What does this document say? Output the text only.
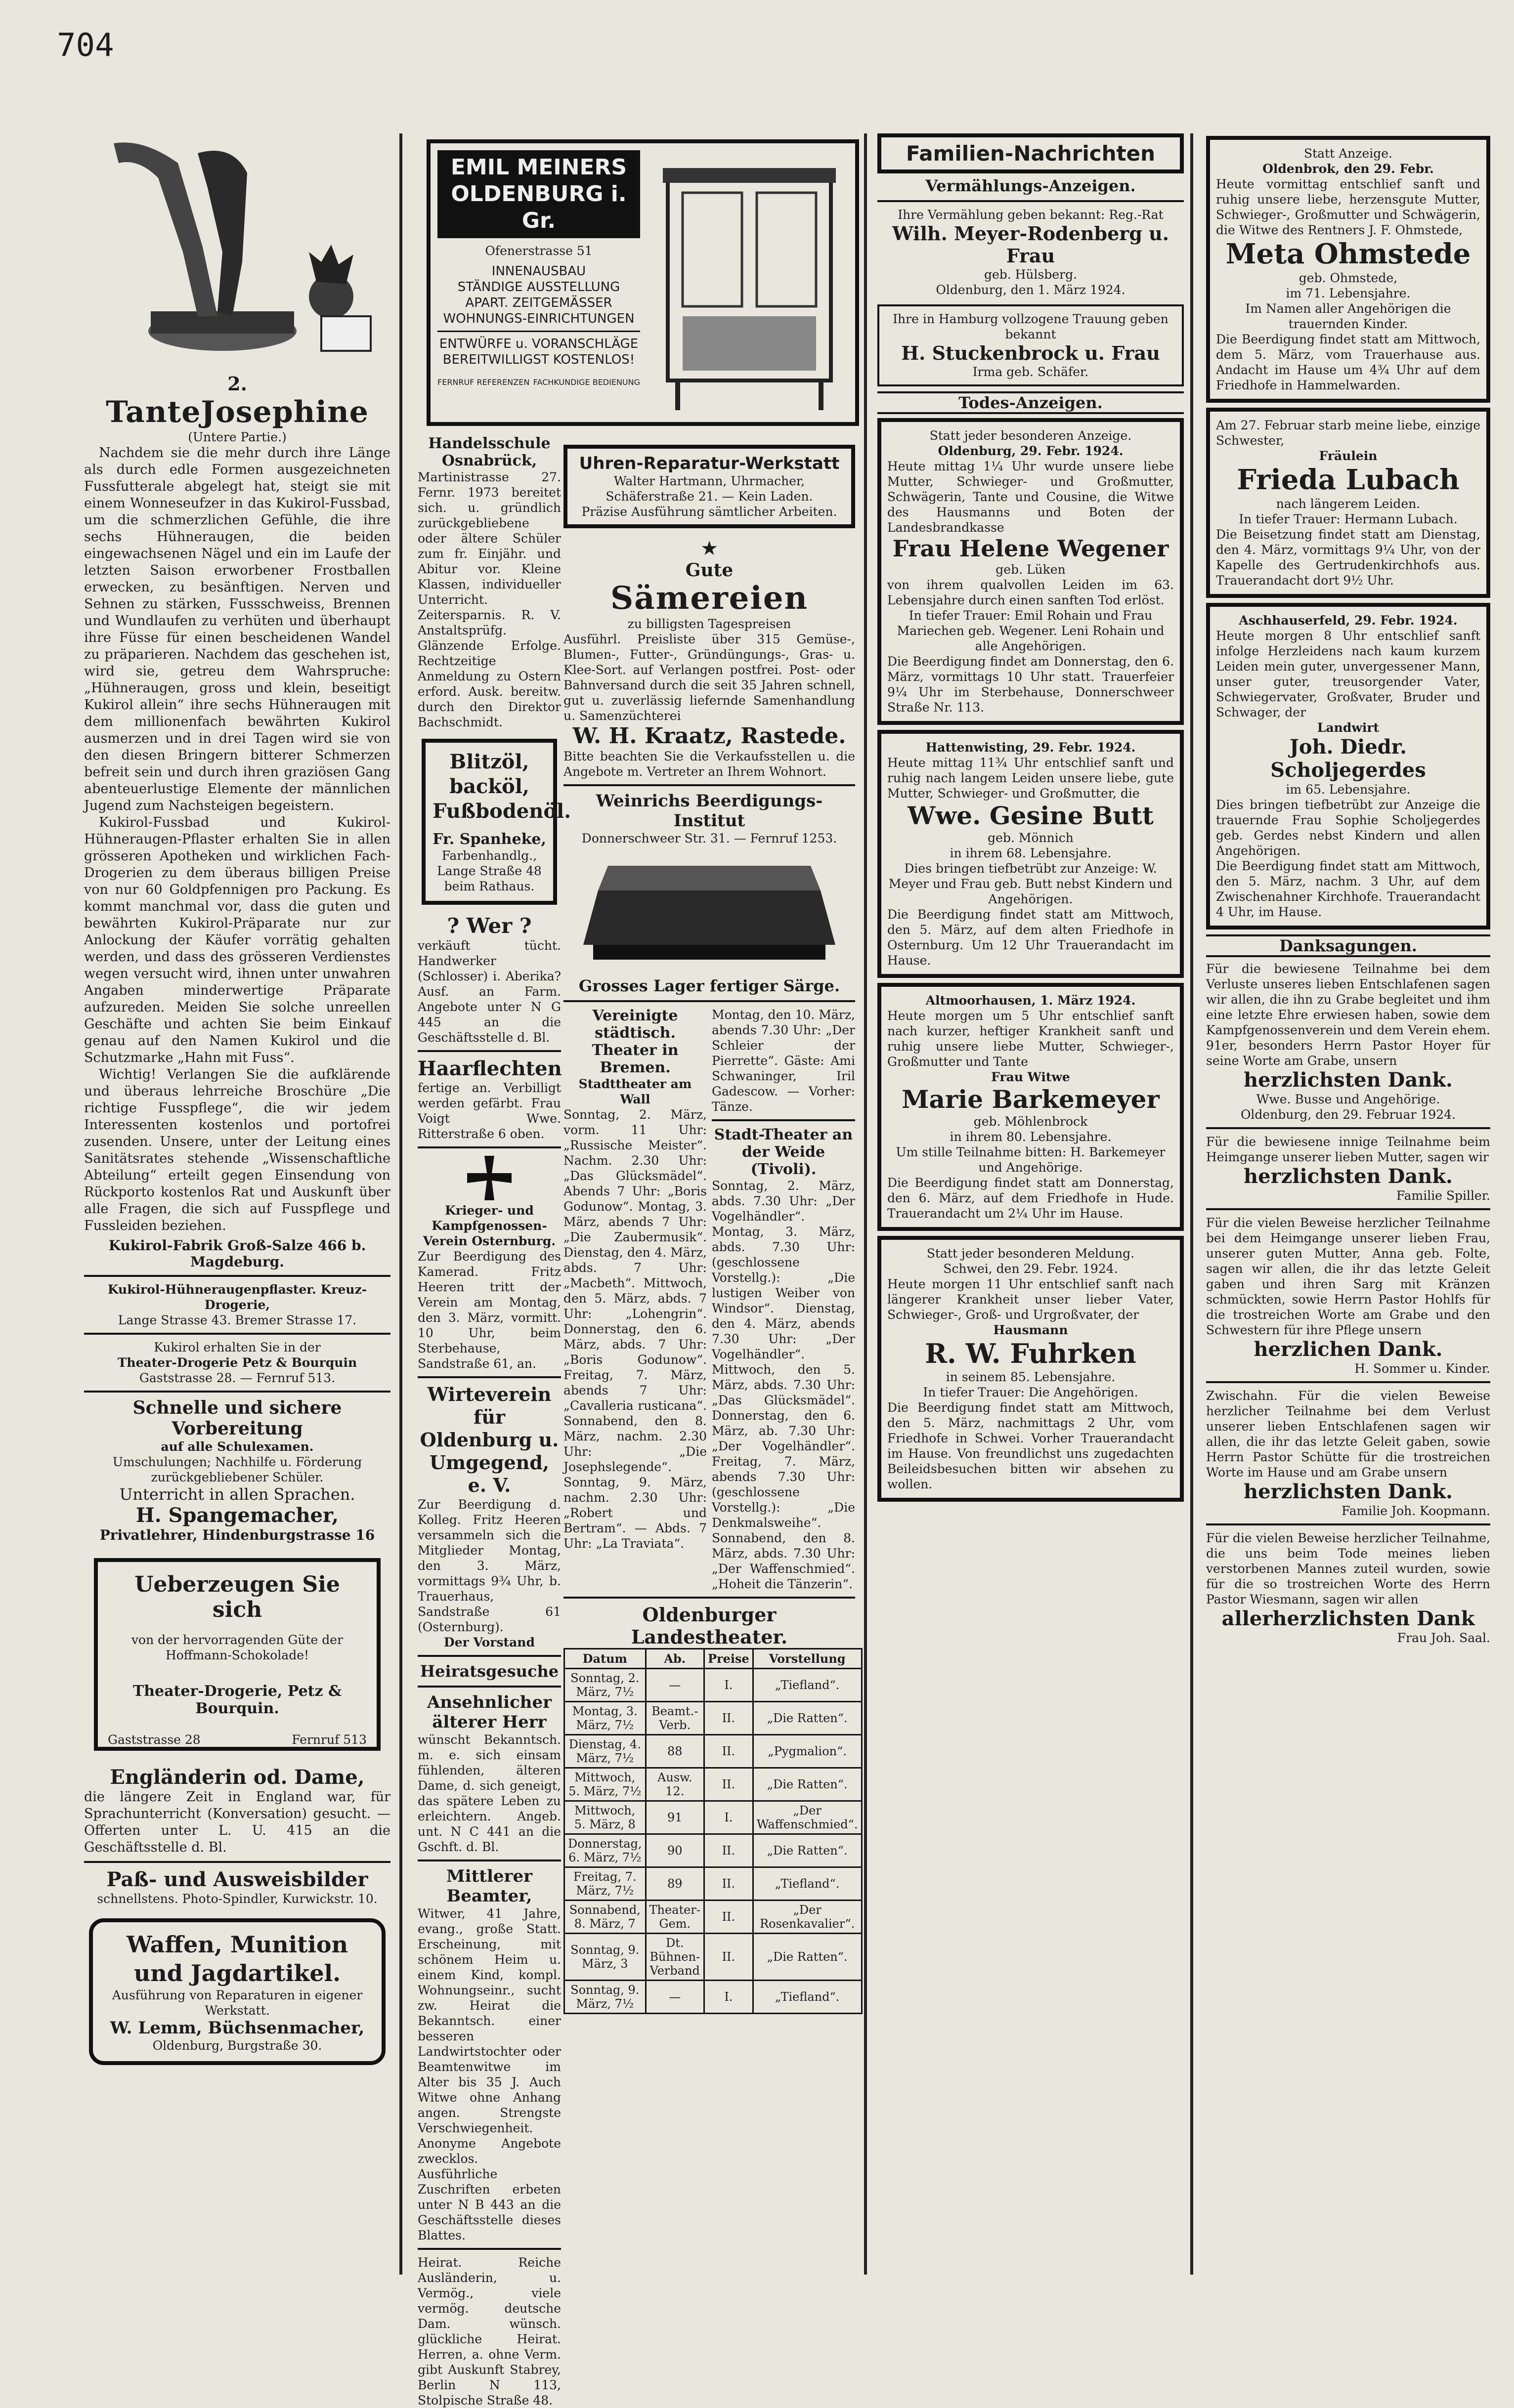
704
2.
TanteJosephine
(Untere Partie.)
Nachdem sie die mehr durch ihre Länge als durch edle Formen ausgezeichneten Fussfutterale abgelegt hat, steigt sie mit einem Wonneseufzer in das Kukirol-Fussbad, um die schmerzlichen Gefühle, die ihre sechs Hühneraugen, die beiden eingewachsenen Nägel und ein im Laufe der letzten Saison erworbener Frostballen erwecken, zu besänftigen. Nerven und Sehnen zu stärken, Fussschweiss, Brennen und Wundlaufen zu verhüten und überhaupt ihre Füsse für einen bescheidenen Wandel zu präparieren. Nachdem das geschehen ist, wird sie, getreu dem Wahrspruche: „Hühneraugen, gross und klein, beseitigt Kukirol allein“ ihre sechs Hühneraugen mit dem millionenfach bewährten Kukirol ausmerzen und in drei Tagen wird sie von den diesen Bringern bitterer Schmerzen befreit sein und durch ihren graziösen Gang abenteuerlustige Elemente der männlichen Jugend zum Nachsteigen begeistern.
Kukirol-Fussbad und Kukirol-Hühneraugen-Pflaster erhalten Sie in allen grösseren Apotheken und wirklichen Fach-Drogerien zu dem überaus billigen Preise von nur 60 Goldpfennigen pro Packung. Es kommt manchmal vor, dass die guten und bewährten Kukirol-Präparate nur zur Anlockung der Käufer vorrätig gehalten werden, und dass des grösseren Verdienstes wegen versucht wird, ihnen unter unwahren Angaben minderwertige Präparate aufzureden. Meiden Sie solche unreellen Geschäfte und achten Sie beim Einkauf genau auf den Namen Kukirol und die Schutzmarke „Hahn mit Fuss“.
Wichtig! Verlangen Sie die aufklärende und überaus lehrreiche Broschüre „Die richtige Fusspflege“, die wir jedem Interessenten kostenlos und portofrei zusenden. Unsere, unter der Leitung eines Sanitätsrates stehende „Wissenschaftliche Abteilung“ erteilt gegen Einsendung von Rückporto kostenlos Rat und Auskunft über alle Fragen, die sich auf Fusspflege und Fussleiden beziehen.
Kukirol-Fabrik Groß-Salze 466 b. Magdeburg.
Kukirol-Hühneraugenpflaster. Kreuz-Drogerie,
Lange Strasse 43. Bremer Strasse 17.
Kukirol erhalten Sie in der
Theater-Drogerie Petz & Bourquin
Gaststrasse 28. — Fernruf 513.
Schnelle und sichere Vorbereitung
auf alle Schulexamen.
Umschulungen; Nachhilfe u. Förderung zurückgebliebener Schüler.
Unterricht in allen Sprachen.
H. Spangemacher,
Privatlehrer, Hindenburgstrasse 16
Ueberzeugen Sie sich
von der hervorragenden Güte der Hoffmann-Schokolade!
Theater-Drogerie, Petz & Bourquin.
Gaststrasse 28	Fernruf 513
Engländerin od. Dame,
die längere Zeit in England war, für Sprachunterricht (Konversation) gesucht. — Offerten unter L. U. 415 an die Geschäftsstelle d. Bl.
Paß- und Ausweisbilder
schnellstens. Photo-Spindler, Kurwickstr. 10.
Waffen, Munition und Jagdartikel.
Ausführung von Reparaturen in eigener Werkstatt.
W. Lemm, Büchsenmacher,
Oldenburg, Burgstraße 30.
EMIL MEINERS OLDENBURG i. Gr.
Ofenerstrasse 51
INNENAUSBAU
STÄNDIGE AUSSTELLUNG
APART. ZEITGEMÄSSER
WOHNUNGS-EINRICHTUNGEN
ENTWÜRFE u. VORANSCHLÄGE
BEREITWILLIGST KOSTENLOS!
FERNRUF REFERENZEN FACHKUNDIGE BEDIENUNG
Handelsschule Osnabrück,
Martinistrasse 27. Fernr. 1973 bereitet sich. u. gründlich zurückgebliebene oder ältere Schüler zum fr. Einjähr. und Abitur vor. Kleine Klassen, individueller Unterricht. Zeitersparnis. R. V. Anstaltsprüfg. Glänzende Erfolge. Rechtzeitige Anmeldung zu Ostern erford. Ausk. bereitw. durch den Direktor Bachschmidt.
Blitzöl,
backöl,
Fußbodenöl.
Fr. Spanheke,
Farbenhandlg., Lange Straße 48 beim Rathaus.
? Wer ?
verkäuft tücht. Handwerker (Schlosser) i. Aberika? Ausf. an Farm. Angebote unter N G 445 an die Geschäftsstelle d. Bl.
Haarflechten
fertige an. Verbilligt werden gefärbt. Frau Voigt Wwe. Ritterstraße 6 oben.
Krieger- und Kampfgenossen-Verein Osternburg.
Zur Beerdigung des Kamerad. Fritz Heeren tritt der Verein am Montag, den 3. März, vormitt. 10 Uhr, beim Sterbehause, Sandstraße 61, an.
Wirteverein für Oldenburg u. Umgegend, e. V.
Zur Beerdigung d. Kolleg. Fritz Heeren versammeln sich die Mitglieder Montag, den 3. März, vormittags 9¾ Uhr, b. Trauerhaus, Sandstraße 61 (Osternburg).
Der Vorstand
Heiratsgesuche
Ansehnlicher älterer Herr
wünscht Bekanntsch. m. e. sich einsam fühlenden, älteren Dame, d. sich geneigt, das spätere Leben zu erleichtern. Angeb. unt. N C 441 an die Gschft. d. Bl.
Mittlerer Beamter,
Witwer, 41 Jahre, evang., große Statt. Erscheinung, mit schönem Heim u. einem Kind, kompl. Wohnungseinr., sucht zw. Heirat die Bekanntsch. einer besseren Landwirtstochter oder Beamtenwitwe im Alter bis 35 J. Auch Witwe ohne Anhang angen. Strengste Verschwiegenheit. Anonyme Angebote zwecklos. Ausführliche Zuschriften erbeten unter N B 443 an die Geschäftsstelle dieses Blattes.
Heirat. Reiche Ausländerin, u. Vermög., viele vermög. deutsche Dam. wünsch. glückliche Heirat. Herren, a. ohne Verm. gibt Auskunft Stabrey, Berlin N 113, Stolpische Straße 48.
Uhren-Reparatur-Werkstatt
Walter Hartmann, Uhrmacher,
Schäferstraße 21. — Kein Laden.
Präzise Ausführung sämtlicher Arbeiten.
★
Gute
Sämereien
zu billigsten Tagespreisen
Ausführl. Preisliste über 315 Gemüse-, Blumen-, Futter-, Gründüngungs-, Gras- u. Klee-Sort. auf Verlangen postfrei. Post- oder Bahnversand durch die seit 35 Jahren schnell, gut u. zuverlässig liefernde Samenhandlung u. Samenzüchterei
W. H. Kraatz, Rastede.
Bitte beachten Sie die Verkaufsstellen u. die Angebote m. Vertreter an Ihrem Wohnort.
Weinrichs Beerdigungs-Institut
Donnerschweer Str. 31. — Fernruf 1253.
Grosses Lager fertiger Särge.
Vereinigte städtisch. Theater in Bremen.
Stadttheater am Wall
Sonntag, 2. März, vorm. 11 Uhr: „Russische Meister“. Nachm. 2.30 Uhr: „Das Glücksmädel“. Abends 7 Uhr: „Boris Godunow“. Montag, 3. März, abends 7 Uhr: „Die Zaubermusik“. Dienstag, den 4. März, abds. 7 Uhr: „Macbeth“. Mittwoch, den 5. März, abds. 7 Uhr: „Lohengrin“. Donnerstag, den 6. März, abds. 7 Uhr: „Boris Godunow“. Freitag, 7. März, abends 7 Uhr: „Cavalleria rusticana“. Sonnabend, den 8. März, nachm. 2.30 Uhr: „Die Josephslegende“. Sonntag, 9. März, nachm. 2.30 Uhr: „Robert und Bertram“. — Abds. 7 Uhr: „La Traviata“.
Montag, den 10. März, abends 7.30 Uhr: „Der Schleier der Pierrette“. Gäste: Ami Schwaninger, Iril Gadescow. — Vorher: Tänze.
Stadt-Theater an der Weide (Tivoli).
Sonntag, 2. März, abds. 7.30 Uhr: „Der Vogelhändler“. Montag, 3. März, abds. 7.30 Uhr: (geschlossene Vorstellg.): „Die lustigen Weiber von Windsor“. Dienstag, den 4. März, abends 7.30 Uhr: „Der Vogelhändler“. Mittwoch, den 5. März, abds. 7.30 Uhr: „Das Glücksmädel“. Donnerstag, den 6. März, ab. 7.30 Uhr: „Der Vogelhändler“. Freitag, 7. März, abends 7.30 Uhr: (geschlossene Vorstellg.): „Die Denkmalsweihe“. Sonnabend, den 8. März, abds. 7.30 Uhr: „Der Waffenschmied“. „Hoheit die Tänzerin“.
Oldenburger Landestheater.
Datum	Ab.	Preise	Vorstellung
Sonntag, 2. März, 7½	—	I.	„Tiefland“.
Montag, 3. März, 7½	Beamt.-Verb.	II.	„Die Ratten“.
Dienstag, 4. März, 7½	88	II.	„Pygmalion“.
Mittwoch, 5. März, 7½	Ausw. 12.	II.	„Die Ratten“.
Mittwoch, 5. März, 8	91	I.	„Der Waffenschmied“.
Donnerstag, 6. März, 7½	90	II.	„Die Ratten“.
Freitag, 7. März, 7½	89	II.	„Tiefland“.
Sonnabend, 8. März, 7	Theater-Gem.	II.	„Der Rosenkavalier“.
Sonntag, 9. März, 3	Dt. Bühnen-Verband	II.	„Die Ratten“.
Sonntag, 9. März, 7½	—	I.	„Tiefland“.
Familien-Nachrichten
Vermählungs-Anzeigen.
Ihre Vermählung geben bekannt: Reg.-Rat
Wilh. Meyer-Rodenberg u. Frau
geb. Hülsberg.
Oldenburg, den 1. März 1924.
Ihre in Hamburg vollzogene Trauung geben bekannt
H. Stuckenbrock u. Frau
Irma geb. Schäfer.
Todes-Anzeigen.
Statt jeder besonderen Anzeige.
Oldenburg, 29. Febr. 1924.
Heute mittag 1¼ Uhr wurde unsere liebe Mutter, Schwieger- und Großmutter, Schwägerin, Tante und Cousine, die Witwe des Hausmanns und Boten der Landesbrandkasse
Frau Helene Wegener
geb. Lüken
von ihrem qualvollen Leiden im 63. Lebensjahre durch einen sanften Tod erlöst.
In tiefer Trauer: Emil Rohain und Frau Mariechen geb. Wegener. Leni Rohain und alle Angehörigen.
Die Beerdigung findet am Donnerstag, den 6. März, vormittags 10 Uhr statt. Trauerfeier 9¼ Uhr im Sterbehause, Donnerschweer Straße Nr. 113.
Hattenwisting, 29. Febr. 1924.
Heute mittag 11¾ Uhr entschlief sanft und ruhig nach langem Leiden unsere liebe, gute Mutter, Schwieger- und Großmutter, die
Wwe. Gesine Butt
geb. Mönnich
in ihrem 68. Lebensjahre.
Dies bringen tiefbetrübt zur Anzeige: W. Meyer und Frau geb. Butt nebst Kindern und Angehörigen.
Die Beerdigung findet statt am Mittwoch, den 5. März, auf dem alten Friedhofe in Osternburg. Um 12 Uhr Trauerandacht im Hause.
Altmoorhausen, 1. März 1924.
Heute morgen um 5 Uhr entschlief sanft nach kurzer, heftiger Krankheit sanft und ruhig unsere liebe Mutter, Schwieger-, Großmutter und Tante
Frau Witwe
Marie Barkemeyer
geb. Möhlenbrock
in ihrem 80. Lebensjahre.
Um stille Teilnahme bitten: H. Barkemeyer und Angehörige.
Die Beerdigung findet statt am Donnerstag, den 6. März, auf dem Friedhofe in Hude. Trauerandacht um 2¼ Uhr im Hause.
Statt jeder besonderen Meldung.
Schwei, den 29. Febr. 1924.
Heute morgen 11 Uhr entschlief sanft nach längerer Krankheit unser lieber Vater, Schwieger-, Groß- und Urgroßvater, der
Hausmann
R. W. Fuhrken
in seinem 85. Lebensjahre.
In tiefer Trauer: Die Angehörigen.
Die Beerdigung findet statt am Mittwoch, den 5. März, nachmittags 2 Uhr, vom Friedhofe in Schwei. Vorher Trauerandacht im Hause. Von freundlichst uns zugedachten Beileidsbesuchen bitten wir absehen zu wollen.
Statt Anzeige.
Oldenbrok, den 29. Febr.
Heute vormittag entschlief sanft und ruhig unsere liebe, herzensgute Mutter, Schwieger-, Großmutter und Schwägerin, die Witwe des Rentners J. F. Ohmstede,
Meta Ohmstede
geb. Ohmstede,
im 71. Lebensjahre.
Im Namen aller Angehörigen die trauernden Kinder.
Die Beerdigung findet statt am Mittwoch, dem 5. März, vom Trauerhause aus. Andacht im Hause um 4¾ Uhr auf dem Friedhofe in Hammelwarden.
Am 27. Februar starb meine liebe, einzige Schwester,
Fräulein
Frieda Lubach
nach längerem Leiden.
In tiefer Trauer: Hermann Lubach.
Die Beisetzung findet statt am Dienstag, den 4. März, vormittags 9¼ Uhr, von der Kapelle des Gertrudenkirchhofs aus. Trauerandacht dort 9½ Uhr.
Aschhauserfeld, 29. Febr. 1924.
Heute morgen 8 Uhr entschlief sanft infolge Herzleidens nach kaum kurzem Leiden mein guter, unvergessener Mann, unser guter, treusorgender Vater, Schwiegervater, Großvater, Bruder und Schwager, der
Landwirt
Joh. Diedr. Scholjegerdes
im 65. Lebensjahre.
Dies bringen tiefbetrübt zur Anzeige die trauernde Frau Sophie Scholjegerdes geb. Gerdes nebst Kindern und allen Angehörigen.
Die Beerdigung findet statt am Mittwoch, den 5. März, nachm. 3 Uhr, auf dem Zwischenahner Kirchhofe. Trauerandacht 4 Uhr, im Hause.
Danksagungen.
Für die bewiesene Teilnahme bei dem Verluste unseres lieben Entschlafenen sagen wir allen, die ihn zu Grabe begleitet und ihm eine letzte Ehre erwiesen haben, sowie dem Kampfgenossenverein und dem Verein ehem. 91er, besonders Herrn Pastor Hoyer für seine Worte am Grabe, unsern
herzlichsten Dank.
Wwe. Busse und Angehörige.
Oldenburg, den 29. Februar 1924.
Für die bewiesene innige Teilnahme beim Heimgange unserer lieben Mutter, sagen wir
herzlichsten Dank.
Familie Spiller.
Für die vielen Beweise herzlicher Teilnahme bei dem Heimgange unserer lieben Frau, unserer guten Mutter, Anna geb. Folte, sagen wir allen, die ihr das letzte Geleit gaben und ihren Sarg mit Kränzen schmückten, sowie Herrn Pastor Hohlfs für die trostreichen Worte am Grabe und den Schwestern für ihre Pflege unsern
herzlichen Dank.
H. Sommer u. Kinder.
Zwischahn. Für die vielen Beweise herzlicher Teilnahme bei dem Verlust unserer lieben Entschlafenen sagen wir allen, die ihr das letzte Geleit gaben, sowie Herrn Pastor Schütte für die trostreichen Worte im Hause und am Grabe unsern
herzlichsten Dank.
Familie Joh. Koopmann.
Für die vielen Beweise herzlicher Teilnahme, die uns beim Tode meines lieben verstorbenen Mannes zuteil wurden, sowie für die so trostreichen Worte des Herrn Pastor Wiesmann, sagen wir allen
allerherzlichsten Dank
Frau Joh. Saal.
